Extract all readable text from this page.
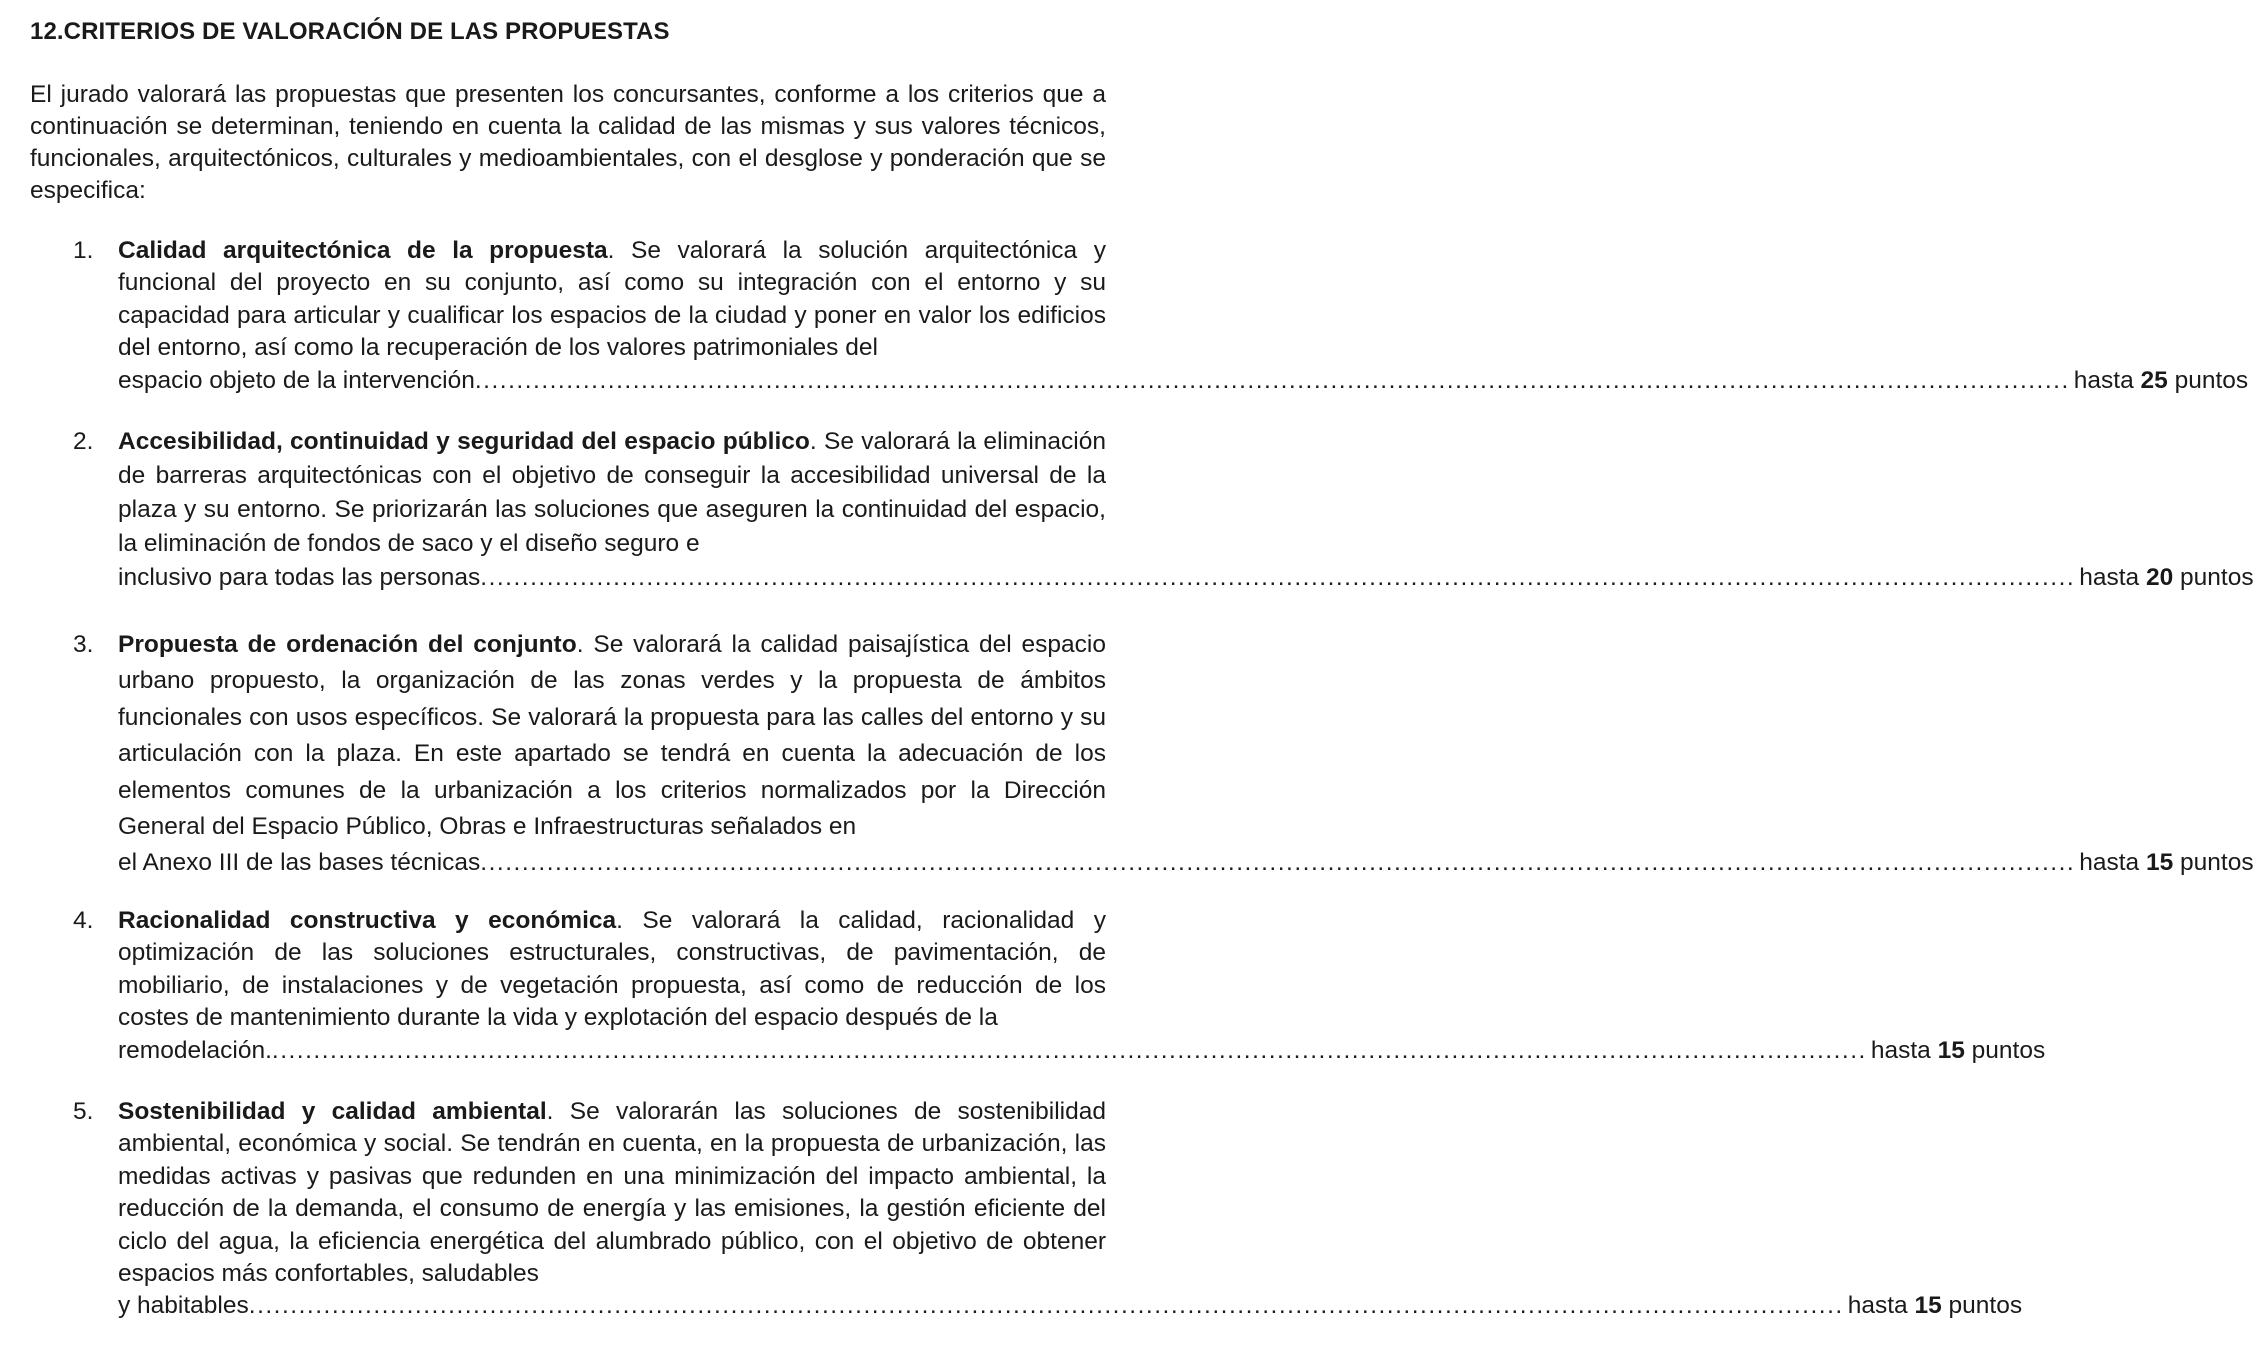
12.CRITERIOS DE VALORACIÓN DE LAS PROPUESTAS
El jurado valorará las propuestas que presenten los concursantes, conforme a los criterios que a continuación se determinan, teniendo en cuenta la calidad de las mismas y sus valores técnicos, funcionales, arquitectónicos, culturales y medioambientales, con el desglose y ponderación que se especifica:
1.	Calidad arquitectónica de la propuesta. Se valorará la solución arquitectónica y funcional del proyecto en su conjunto, así como su integración con el entorno y su capacidad para articular y cualificar los espacios de la ciudad y poner en valor los edificios del entorno, así como la recuperación de los valores patrimoniales del
espacio objeto de la intervención ................................................................................................................................................................................................ hasta 25 puntos
2.	Accesibilidad, continuidad y seguridad del espacio público. Se valorará la eliminación de barreras arquitectónicas con el objetivo de conseguir la accesibilidad universal de la plaza y su entorno. Se priorizarán las soluciones que aseguren la continuidad del espacio, la eliminación de fondos de saco y el diseño seguro e
inclusivo para todas las personas ................................................................................................................................................................................................ hasta 20 puntos
3.	Propuesta de ordenación del conjunto. Se valorará la calidad paisajística del espacio urbano propuesto, la organización de las zonas verdes y la propuesta de ámbitos funcionales con usos específicos. Se valorará la propuesta para las calles del entorno y su articulación con la plaza. En este apartado se tendrá en cuenta la adecuación de los elementos comunes de la urbanización a los criterios normalizados por la Dirección General del Espacio Público, Obras e Infraestructuras señalados en
el Anexo III de las bases técnicas ................................................................................................................................................................................................ hasta 15 puntos
4.	Racionalidad constructiva y económica. Se valorará la calidad, racionalidad y optimización de las soluciones estructurales, constructivas, de pavimentación, de mobiliario, de instalaciones y de vegetación propuesta, así como de reducción de los costes de mantenimiento durante la vida y explotación del espacio después de la
remodelación. ................................................................................................................................................................................................ hasta 15 puntos
5.	Sostenibilidad y calidad ambiental. Se valorarán las soluciones de sostenibilidad ambiental, económica y social. Se tendrán en cuenta, en la propuesta de urbanización, las medidas activas y pasivas que redunden en una minimización del impacto ambiental, la reducción de la demanda, el consumo de energía y las emisiones, la gestión eficiente del ciclo del agua, la eficiencia energética del alumbrado público, con el objetivo de obtener espacios más confortables, saludables
y habitables ................................................................................................................................................................................................ hasta 15 puntos
